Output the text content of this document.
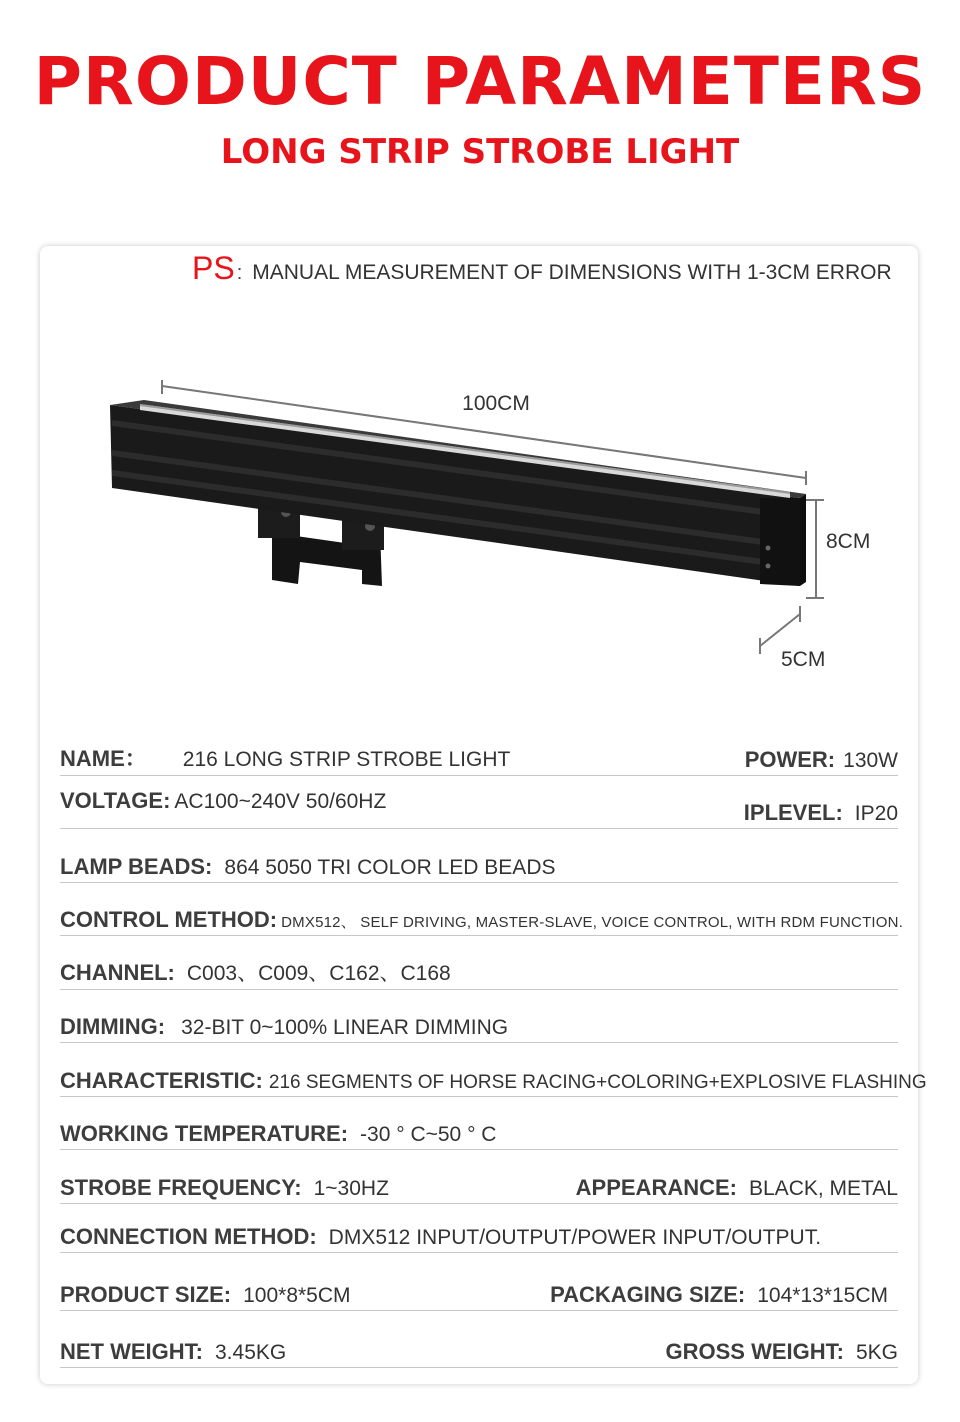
PRODUCT PARAMETERS
LONG STRIP STROBE LIGHT
PS : MANUAL MEASUREMENT OF DIMENSIONS WITH 1-3CM ERROR
100CM
8CM
5CM
NAME： 216 LONG STRIP STROBE LIGHT	POWER: 130W
VOLTAGE: AC100~240V 50/60HZ	IPLEVEL: IP20
LAMP BEADS: 864 5050 TRI COLOR LED BEADS
CONTROL METHOD: DMX512、 SELF DRIVING, MASTER-SLAVE, VOICE CONTROL, WITH RDM FUNCTION.
CHANNEL: C003、C009、C162、C168
DIMMING: 32-BIT 0~100% LINEAR DIMMING
CHARACTERISTIC: 216 SEGMENTS OF HORSE RACING+COLORING+EXPLOSIVE FLASHING
WORKING TEMPERATURE: -30 ° C~50 ° C
STROBE FREQUENCY: 1~30HZ	APPEARANCE: BLACK, METAL
CONNECTION METHOD: DMX512 INPUT/OUTPUT/POWER INPUT/OUTPUT.
PRODUCT SIZE: 100*8*5CM	PACKAGING SIZE: 104*13*15CM
NET WEIGHT: 3.45KG	GROSS WEIGHT: 5KG
